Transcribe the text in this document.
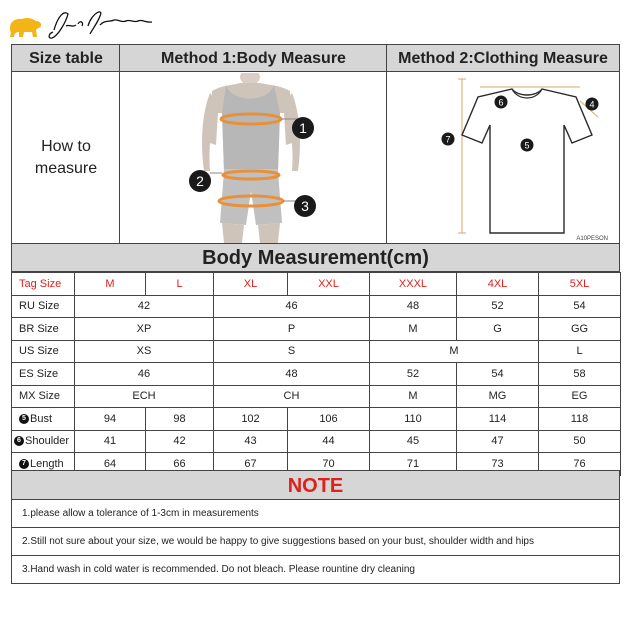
Size table	Method 1:Body Measure	Method 2:Clothing Measure
How to
measure
1
2
3
A10PESON
6	4
7
5
Body Measurement(cm)
Tag Size	M	L	XL	XXL	XXXL	4XL	5XL
RU Size	42		46		48	52	54
BR Size	XP		P		M	G	GG
US Size	XS		S		M		L
ES Size	46		48		52	54	58
MX Size	ECH		CH		M	MG	EG
5 Bust	94	98	102	106	110	114	118
6 Shoulder	41	42	43	44	45	47	50
7 Length	64	66	67	70	71	73	76
NOTE
1.please allow a tolerance of 1-3cm in measurements
2.Still not sure about your size, we would be happy to give suggestions based on your bust, shoulder width and hips
3.Hand wash in cold water is recommended. Do not bleach. Please rountine dry cleaning
